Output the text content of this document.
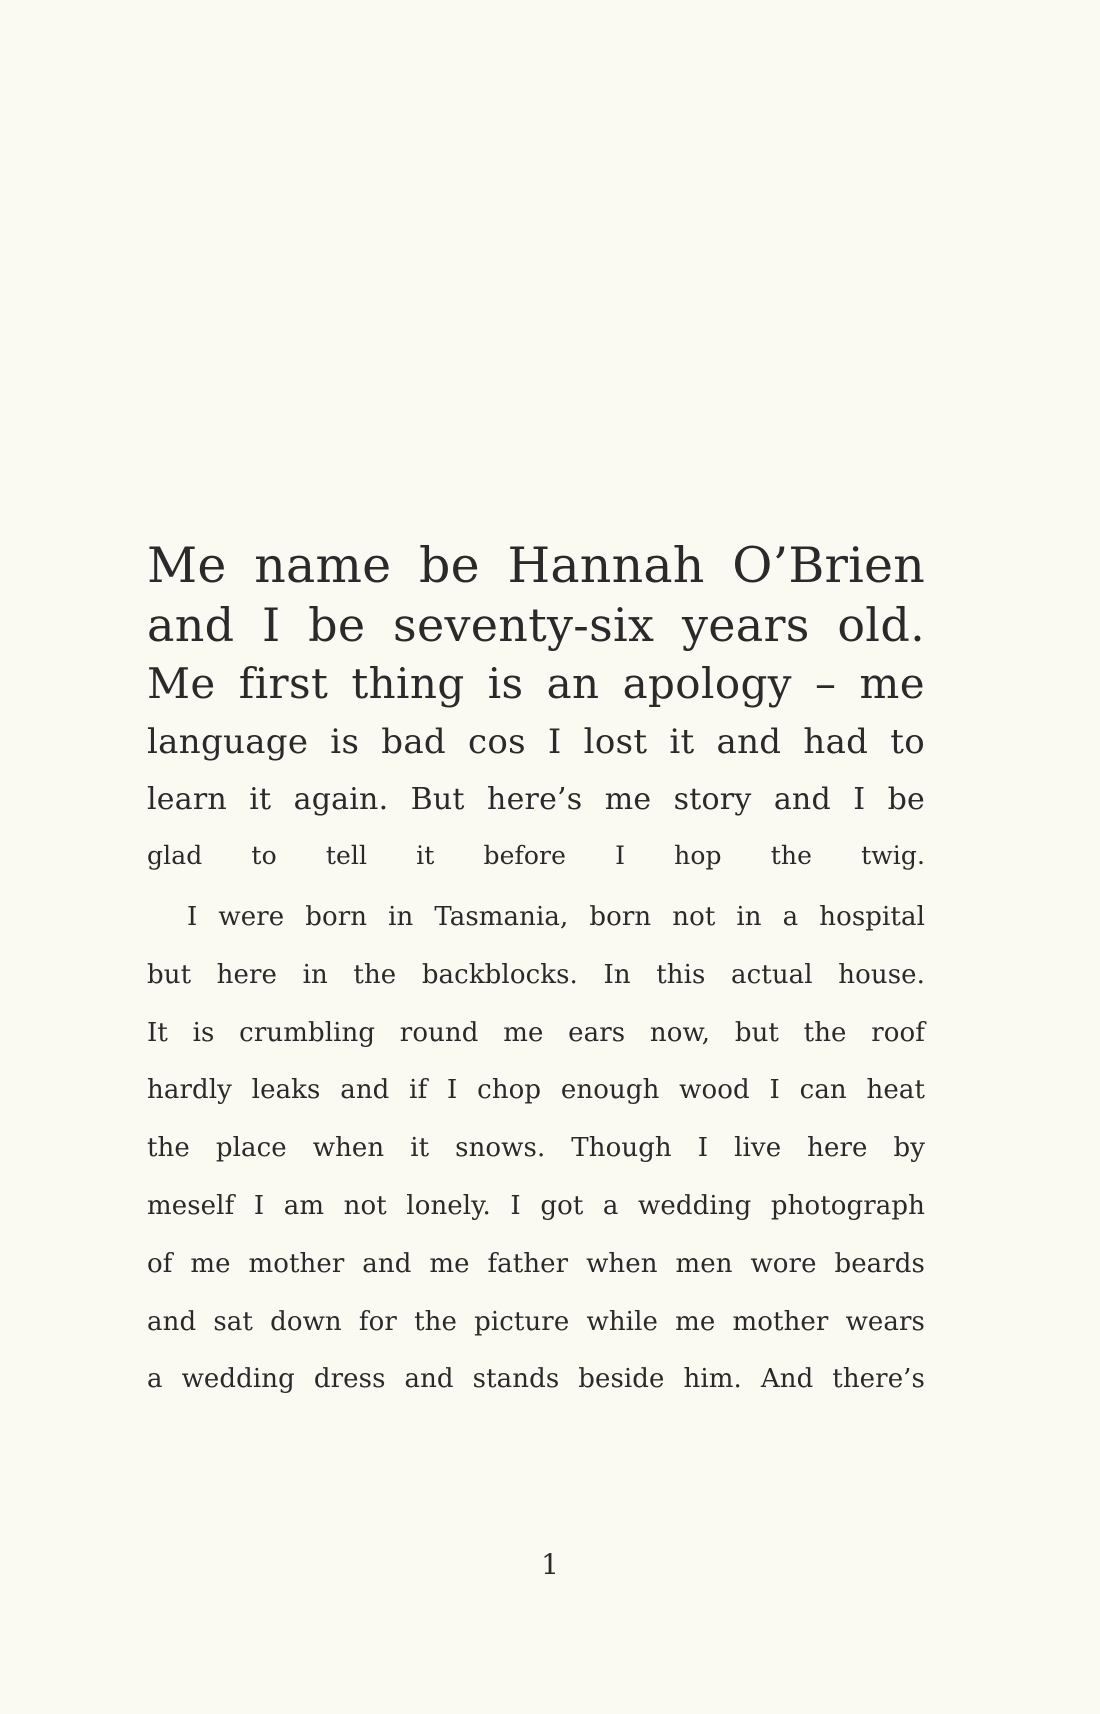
Me name be Hannah O’Brien
and I be seventy-six years old.
Me first thing is an apology – me
language is bad cos I lost it and had to
learn it again. But here’s me story and I be
glad to tell it before I hop the twig.
I were born in Tasmania, born not in a hospital
but here in the backblocks. In this actual house.
It is crumbling round me ears now, but the roof
hardly leaks and if I chop enough wood I can heat
the place when it snows. Though I live here by
meself I am not lonely. I got a wedding photograph
of me mother and me father when men wore beards
and sat down for the picture while me mother wears
a wedding dress and stands beside him. And there’s
1
